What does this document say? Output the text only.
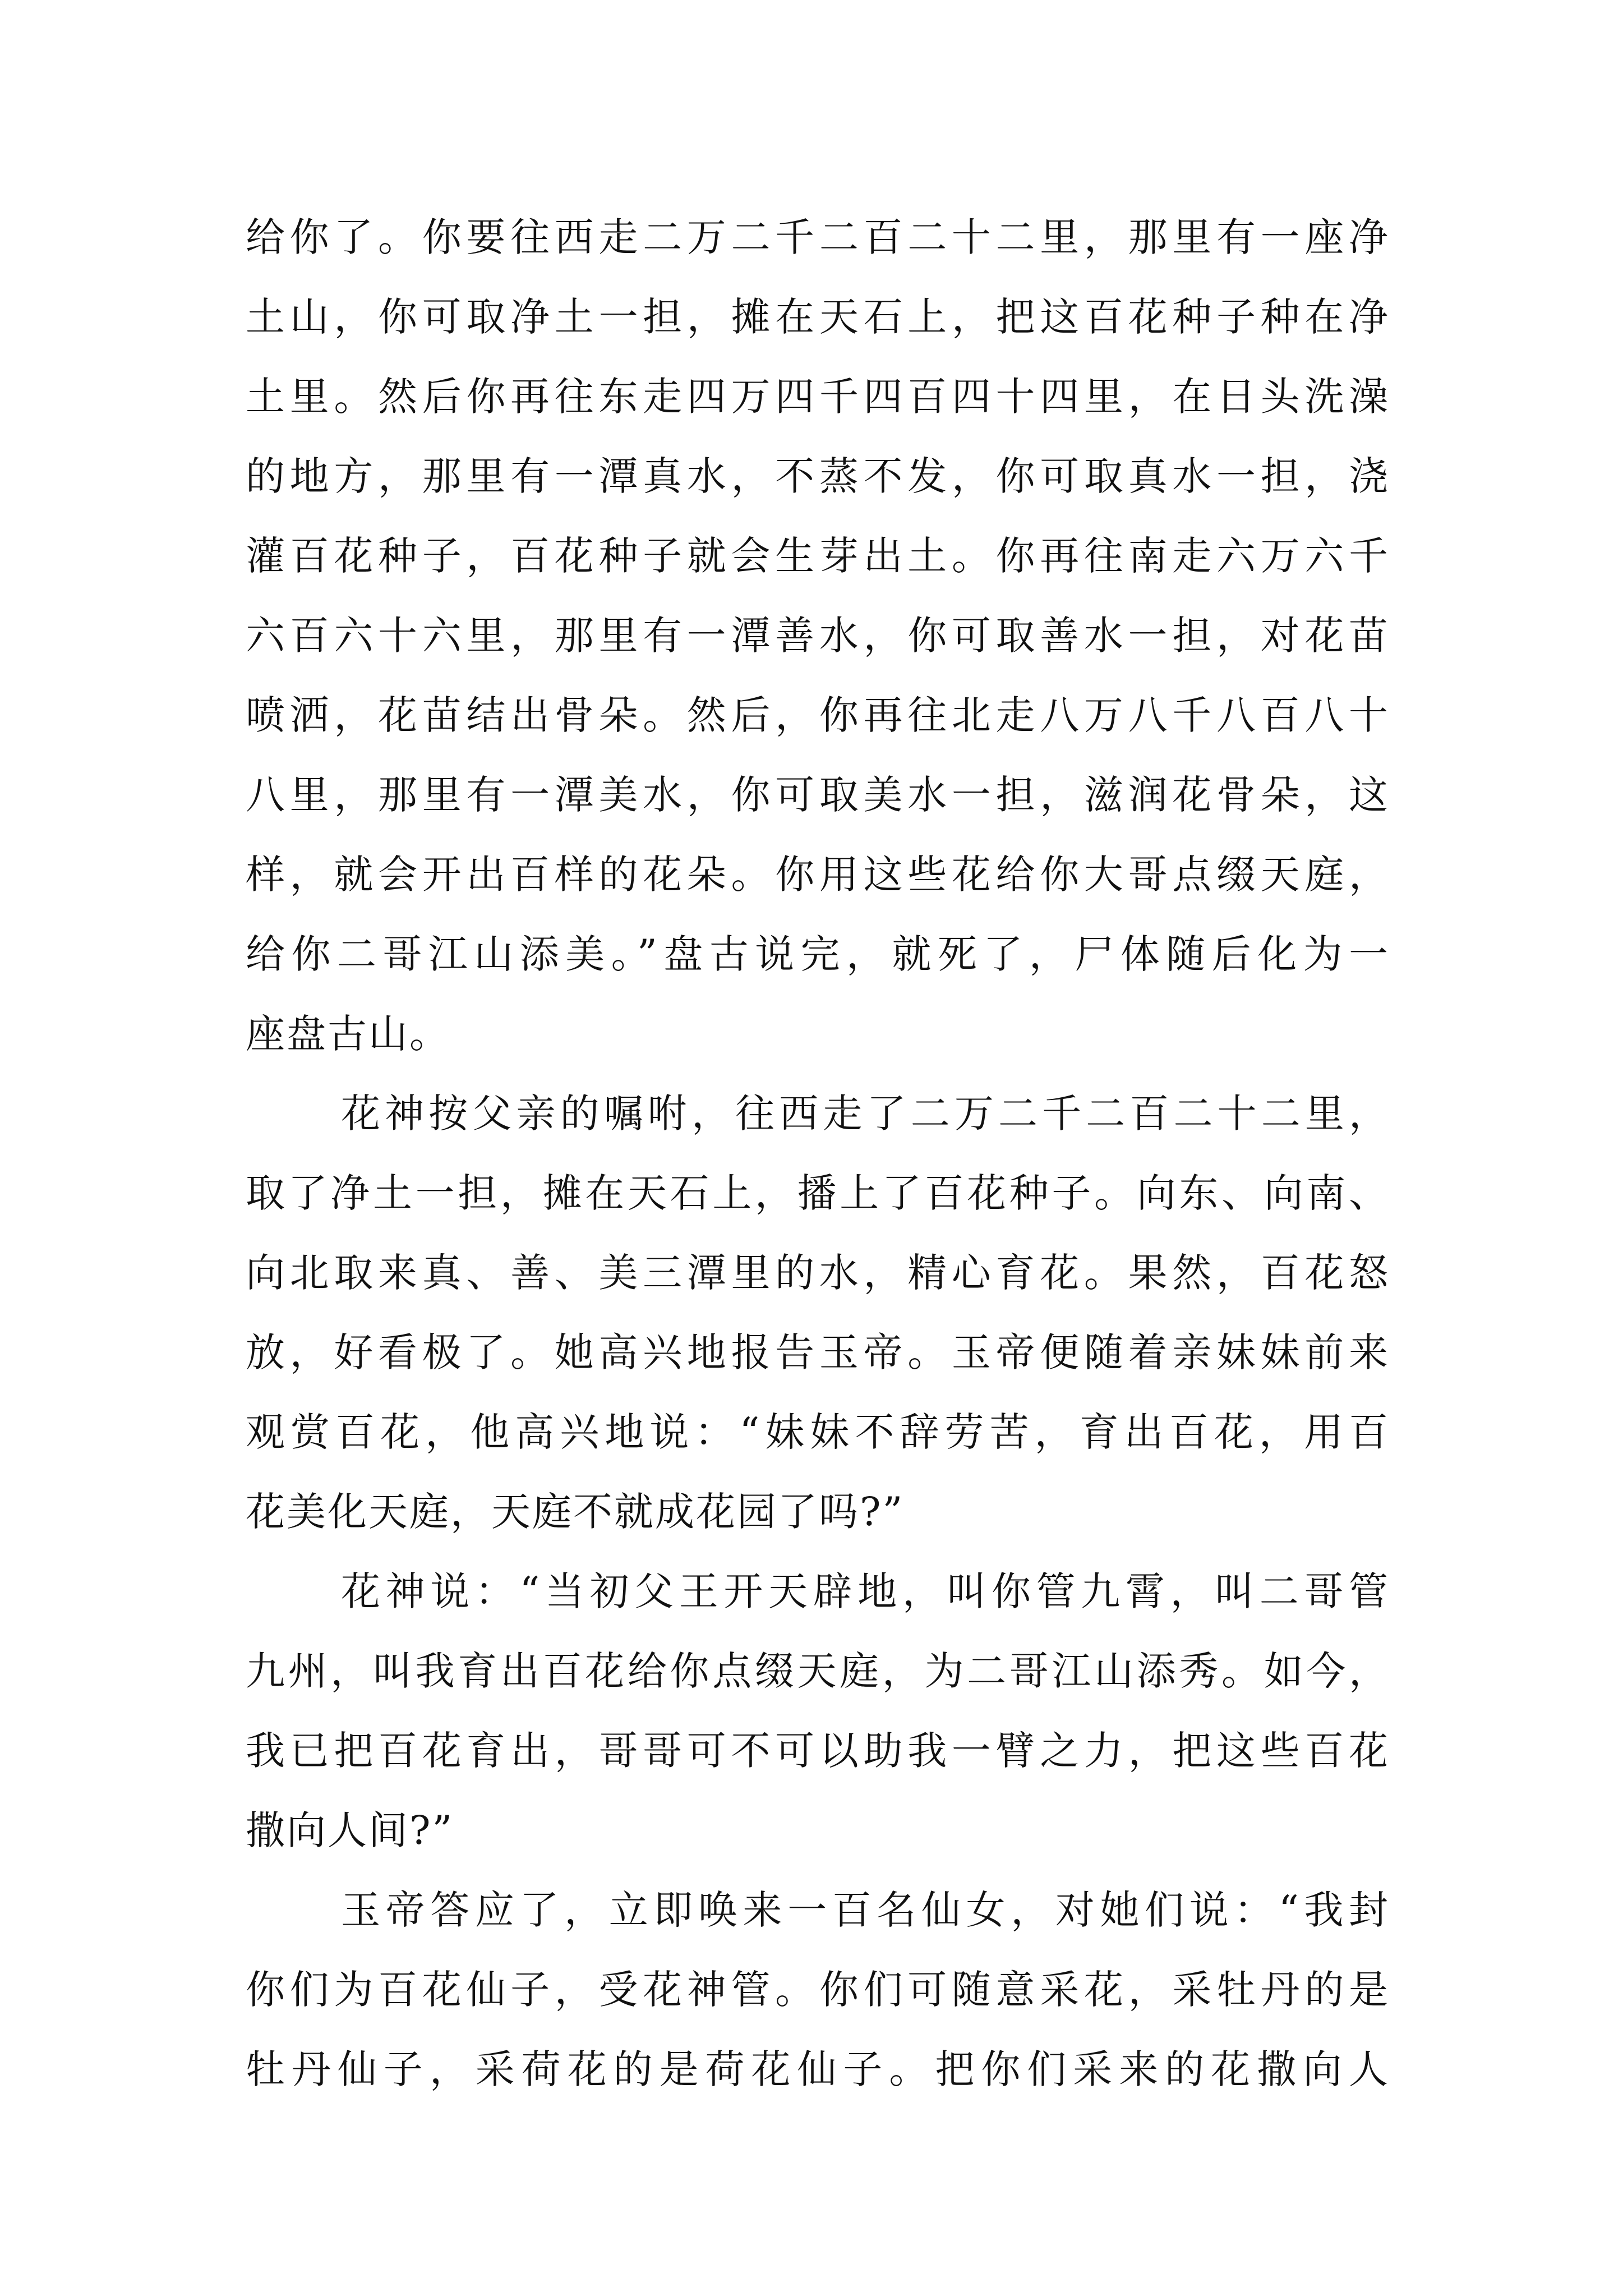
给你了。你要往西走二万二千二百二十二里，那里有一座净
土山，你可取净土一担，摊在天石上，把这百花种子种在净
土里。然后你再往东走四万四千四百四十四里，在日头洗澡
的地方，那里有一潭真水，不蒸不发，你可取真水一担，浇
灌百花种子，百花种子就会生芽出土。你再往南走六万六千
六百六十六里，那里有一潭善水，你可取善水一担，对花苗
喷洒，花苗结出骨朵。然后，你再往北走八万八千八百八十
八里，那里有一潭美水，你可取美水一担，滋润花骨朵，这
样，就会开出百样的花朵。你用这些花给你大哥点缀天庭，
给你二哥江山添美。”盘古说完，就死了，尸体随后化为一
座盘古山。
花神按父亲的嘱咐，往西走了二万二千二百二十二里，
取了净土一担，摊在天石上，播上了百花种子。向东、向南、
向北取来真、善、美三潭里的水，精心育花。果然，百花怒
放，好看极了。她高兴地报告玉帝。玉帝便随着亲妹妹前来
观赏百花，他高兴地说：“妹妹不辞劳苦，育出百花，用百
花美化天庭，天庭不就成花园了吗?”
花神说：“当初父王开天辟地，叫你管九霄，叫二哥管
九州，叫我育出百花给你点缀天庭，为二哥江山添秀。如今，
我已把百花育出，哥哥可不可以助我一臂之力，把这些百花
撒向人间?”
玉帝答应了，立即唤来一百名仙女，对她们说：“我封
你们为百花仙子，受花神管。你们可随意采花，采牡丹的是
牡丹仙子，采荷花的是荷花仙子。把你们采来的花撒向人
